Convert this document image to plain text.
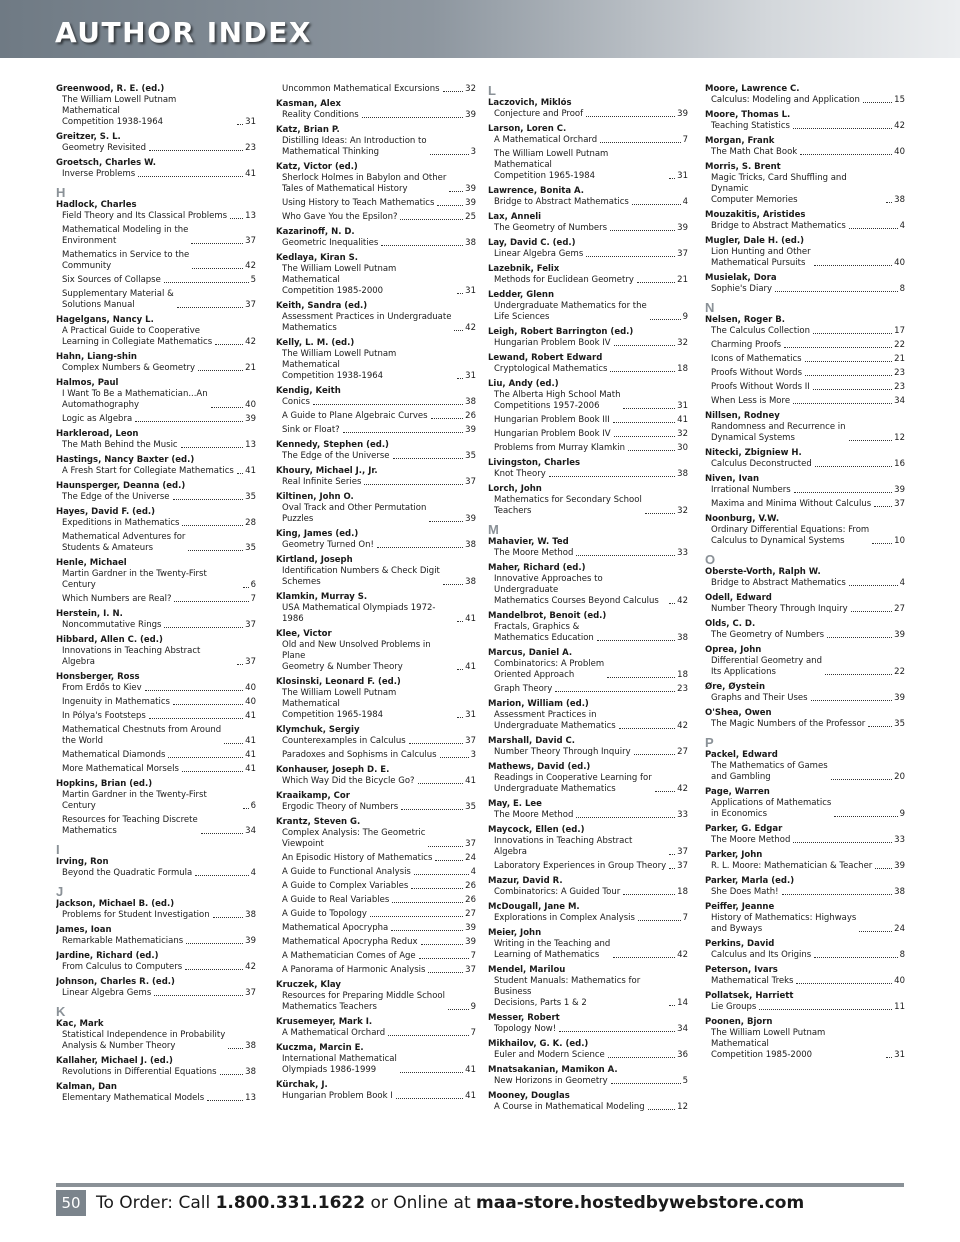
AUTHOR INDEX
Greenwood, R. E. (ed.)
The William Lowell Putnam Mathematical
Competition 1938-1964	31
Greitzer, S. L.
Geometry Revisited	23
Groetsch, Charles W.
Inverse Problems	41
H
Hadlock, Charles
Field Theory and Its Classical Problems 13
Mathematical Modeling in the
Environment	37
Mathematics in Service to the
Community	42
Six Sources of Collapse	5
Supplementary Material &
Solutions Manual	37
Hagelgans, Nancy L.
A Practical Guide to Cooperative
Learning in Collegiate Mathematics	42
Hahn, Liang-shin
Complex Numbers & Geometry	21
Halmos, Paul
I Want To Be a Mathematician...An
Automathography	40
Logic as Algebra	39
Harkleroad, Leon
The Math Behind the Music	13
Hastings, Nancy Baxter (ed.)
A Fresh Start for Collegiate Mathematics 41
Haunsperger, Deanna (ed.)
The Edge of the Universe	35
Hayes, David F. (ed.)
Expeditions in Mathematics	28
Mathematical Adventures for
Students & Amateurs	35
Henle, Michael
Martin Gardner in the Twenty-First Century	6
Which Numbers are Real?	7
Herstein, I. N.
Noncommutative Rings	37
Hibbard, Allen C. (ed.)
Innovations in Teaching Abstract Algebra	37
Honsberger, Ross
From Erdős to Kiev	40
Ingenuity in Mathematics	40
In Pólya's Footsteps	41
Mathematical Chestnuts from Around
the World	41
Mathematical Diamonds	41
More Mathematical Morsels	41
Hopkins, Brian (ed.)
Martin Gardner in the Twenty-First Century	6
Resources for Teaching Discrete
Mathematics	34
I
Irving, Ron
Beyond the Quadratic Formula	4
J
Jackson, Michael B. (ed.)
Problems for Student Investigation	38
James, Ioan
Remarkable Mathematicians	39
Jardine, Richard (ed.)
From Calculus to Computers	42
Johnson, Charles R. (ed.)
Linear Algebra Gems	37
K
Kac, Mark
Statistical Independence in Probability
Analysis & Number Theory	38
Kallaher, Michael J. (ed.)
Revolutions in Differential Equations	38
Kalman, Dan
Elementary Mathematical Models	13
Uncommon Mathematical Excursions	32
Kasman, Alex
Reality Conditions	39
Katz, Brian P.
Distilling Ideas: An Introduction to
Mathematical Thinking	3
Katz, Victor (ed.)
Sherlock Holmes in Babylon and Other
Tales of Mathematical History	39
Using History to Teach Mathematics	39
Who Gave You the Epsilon?	25
Kazarinoff, N. D.
Geometric Inequalities	38
Kedlaya, Kiran S.
The William Lowell Putnam Mathematical
Competition 1985-2000	31
Keith, Sandra (ed.)
Assessment Practices in Undergraduate
Mathematics	42
Kelly, L. M. (ed.)
The William Lowell Putnam Mathematical
Competition 1938-1964	31
Kendig, Keith
Conics	38
A Guide to Plane Algebraic Curves	26
Sink or Float?	39
Kennedy, Stephen (ed.)
The Edge of the Universe	35
Khoury, Michael J., Jr.
Real Infinite Series	37
Kiltinen, John O.
Oval Track and Other Permutation
Puzzles	39
King, James (ed.)
Geometry Turned On!	38
Kirtland, Joseph
Identification Numbers & Check Digit
Schemes	38
Klamkin, Murray S.
USA Mathematical Olympiads 1972-1986	41
Klee, Victor
Old and New Unsolved Problems in Plane
Geometry & Number Theory	41
Klosinski, Leonard F. (ed.)
The William Lowell Putnam Mathematical
Competition 1965-1984	31
Klymchuk, Sergiy
Counterexamples in Calculus	37
Paradoxes and Sophisms in Calculus	3
Konhauser, Joseph D. E.
Which Way Did the Bicycle Go?	41
Kraaikamp, Cor
Ergodic Theory of Numbers	35
Krantz, Steven G.
Complex Analysis: The Geometric
Viewpoint	37
An Episodic History of Mathematics	24
A Guide to Functional Analysis	4
A Guide to Complex Variables	26
A Guide to Real Variables	26
A Guide to Topology	27
Mathematical Apocrypha	39
Mathematical Apocrypha Redux	39
A Mathematician Comes of Age	7
A Panorama of Harmonic Analysis	37
Kruczek, Klay
Resources for Preparing Middle School
Mathematics Teachers	9
Krusemeyer, Mark I.
A Mathematical Orchard	7
Kuczma, Marcin E.
International Mathematical
Olympiads 1986-1999	41
Kürchak, J.
Hungarian Problem Book I	41
L
Laczovich, Miklós
Conjecture and Proof	39
Larson, Loren C.
A Mathematical Orchard	7
The William Lowell Putnam Mathematical
Competition 1965-1984	31
Lawrence, Bonita A.
Bridge to Abstract Mathematics	4
Lax, Anneli
The Geometry of Numbers	39
Lay, David C. (ed.)
Linear Algebra Gems	37
Lazebnik, Felix
Methods for Euclidean Geometry	21
Ledder, Glenn
Undergraduate Mathematics for the
Life Sciences	9
Leigh, Robert Barrington (ed.)
Hungarian Problem Book IV	32
Lewand, Robert Edward
Cryptological Mathematics	18
Liu, Andy (ed.)
The Alberta High School Math
Competitions 1957-2006	31
Hungarian Problem Book III	41
Hungarian Problem Book IV	32
Problems from Murray Klamkin	30
Livingston, Charles
Knot Theory	38
Lorch, John
Mathematics for Secondary School
Teachers	32
M
Mahavier, W. Ted
The Moore Method	33
Maher, Richard (ed.)
Innovative Approaches to Undergraduate
Mathematics Courses Beyond Calculus	42
Mandelbrot, Benoit (ed.)
Fractals, Graphics &
Mathematics Education	38
Marcus, Daniel A.
Combinatorics: A Problem
Oriented Approach	18
Graph Theory	23
Marion, William (ed.)
Assessment Practices in
Undergraduate Mathematics	42
Marshall, David C.
Number Theory Through Inquiry	27
Mathews, David (ed.)
Readings in Cooperative Learning for
Undergraduate Mathematics	42
May, E. Lee
The Moore Method	33
Maycock, Ellen (ed.)
Innovations in Teaching Abstract Algebra	37
Laboratory Experiences in Group Theory 37
Mazur, David R.
Combinatorics: A Guided Tour	18
McDougall, Jane M.
Explorations in Complex Analysis	7
Meier, John
Writing in the Teaching and
Learning of Mathematics	42
Mendel, Marilou
Student Manuals: Mathematics for Business
Decisions, Parts 1 & 2	14
Messer, Robert
Topology Now!	34
Mikhailov, G. K. (ed.)
Euler and Modern Science	36
Mnatsakanian, Mamikon A.
New Horizons in Geometry	5
Mooney, Douglas
A Course in Mathematical Modeling	12
Moore, Lawrence C.
Calculus: Modeling and Application	15
Moore, Thomas L.
Teaching Statistics	42
Morgan, Frank
The Math Chat Book	40
Morris, S. Brent
Magic Tricks, Card Shuffling and Dynamic
Computer Memories	38
Mouzakitis, Aristides
Bridge to Abstract Mathematics	4
Mugler, Dale H. (ed.)
Lion Hunting and Other
Mathematical Pursuits	40
Musielak, Dora
Sophie's Diary	8
N
Nelsen, Roger B.
The Calculus Collection	17
Charming Proofs	22
Icons of Mathematics	21
Proofs Without Words	23
Proofs Without Words II	23
When Less is More	34
Nillsen, Rodney
Randomness and Recurrence in
Dynamical Systems	12
Nitecki, Zbigniew H.
Calculus Deconstructed	16
Niven, Ivan
Irrational Numbers	39
Maxima and Minima Without Calculus	37
Noonburg, V.W.
Ordinary Differential Equations: From
Calculus to Dynamical Systems	10
O
Oberste-Vorth, Ralph W.
Bridge to Abstract Mathematics	4
Odell, Edward
Number Theory Through Inquiry	27
Olds, C. D.
The Geometry of Numbers	39
Oprea, John
Differential Geometry and
Its Applications	22
Øre, Øystein
Graphs and Their Uses	39
O'Shea, Owen
The Magic Numbers of the Professor	35
P
Packel, Edward
The Mathematics of Games
and Gambling	20
Page, Warren
Applications of Mathematics
in Economics	9
Parker, G. Edgar
The Moore Method	33
Parker, John
R. L. Moore: Mathematician & Teacher	39
Parker, Marla (ed.)
She Does Math!	38
Peiffer, Jeanne
History of Mathematics: Highways
and Byways	24
Perkins, David
Calculus and Its Origins	8
Peterson, Ivars
Mathematical Treks	40
Pollatsek, Harriett
Lie Groups	11
Poonen, Bjorn
The William Lowell Putnam Mathematical
Competition 1985-2000	31
50 To Order: Call 1.800.331.1622 or Online at maa-store.hostedbywebstore.com
